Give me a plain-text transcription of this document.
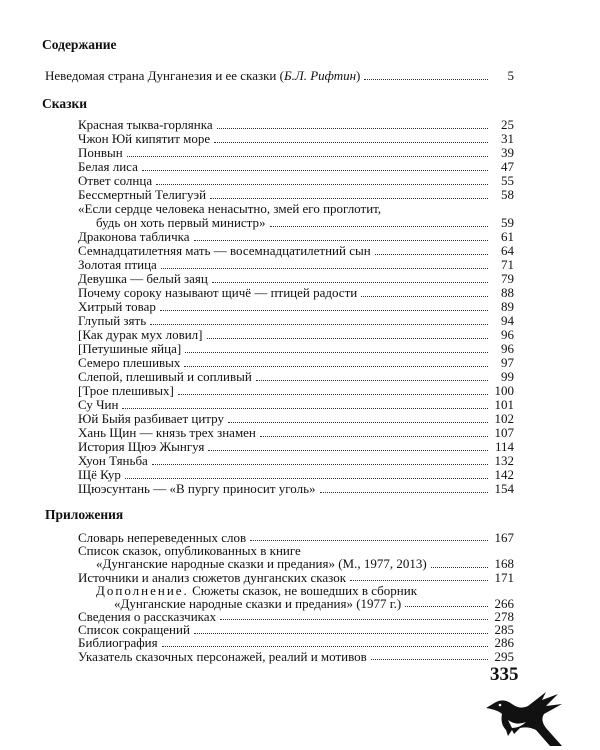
Содержание
Неведомая страна Дунганезия и ее сказки (Б.Л. Рифтин)	5
Сказки
Красная тыква-горлянка	25
Чжон Юй кипятит море	31
Понвын	39
Белая лиса	47
Ответ солнца	55
Бессмертный Телигуэй	58
«Если сердце человека ненасытно, змей его проглотит,
будь он хоть первый министр»	59
Драконова табличка	61
Семнадцатилетняя мать — восемнадцатилетний сын	64
Золотая птица	71
Девушка — белый заяц	79
Почему сороку называют щичё — птицей радости	88
Хитрый товар	89
Глупый зять	94
[Как дурак мух ловил]	96
[Петушиные яйца]	96
Семеро плешивых	97
Слепой, плешивый и сопливый	99
[Трое плешивых]	100
Су Чин	101
Юй Быйя разбивает цитру	102
Хань Щин — князь трех знамен	107
История Щюэ Жынгуя	114
Хуон Тяньба	132
Щё Кур	142
Щюэсунтань — «В пургу приносит уголь»	154
Приложения
Словарь непереведенных слов	167
Список сказок, опубликованных в книге
«Дунганские народные сказки и предания» (М., 1977, 2013)	168
Источники и анализ сюжетов дунганских сказок	171
Дополнение. Сюжеты сказок, не вошедших в сборник
«Дунганские народные сказки и предания» (1977 г.)	266
Сведения о рассказчиках	278
Список сокращений	285
Библиография	286
Указатель сказочных персонажей, реалий и мотивов	295
335
